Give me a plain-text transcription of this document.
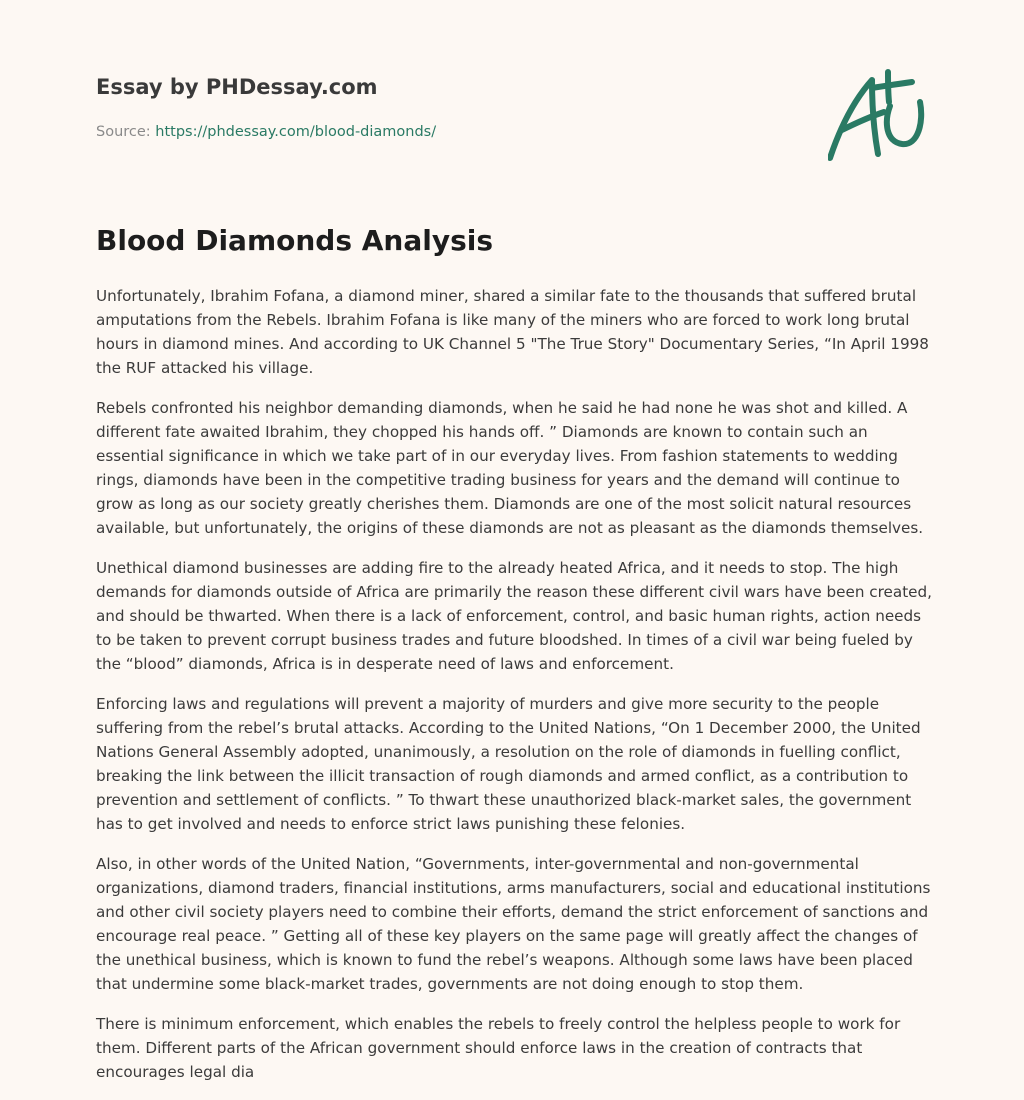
Essay by PHDessay.com
Source: https://phdessay.com/blood-diamonds/
Blood Diamonds Analysis

Unfortunately, Ibrahim Fofana, a diamond miner, shared a similar fate to the thousands that suffered brutal amputations from the Rebels. Ibrahim Fofana is like many of the miners who are forced to work long brutal hours in diamond mines. And according to UK Channel 5 "The True Story" Documentary Series, “In April 1998 the RUF attacked his village.

Rebels confronted his neighbor demanding diamonds, when he said he had none he was shot and killed. A different fate awaited Ibrahim, they chopped his hands off. ” Diamonds are known to contain such an essential significance in which we take part of in our everyday lives. From fashion statements to wedding rings, diamonds have been in the competitive trading business for years and the demand will continue to grow as long as our society greatly cherishes them. Diamonds are one of the most solicit natural resources available, but unfortunately, the origins of these diamonds are not as pleasant as the diamonds themselves.

Unethical diamond businesses are adding fire to the already heated Africa, and it needs to stop. The high demands for diamonds outside of Africa are primarily the reason these different civil wars have been created, and should be thwarted. When there is a lack of enforcement, control, and basic human rights, action needs to be taken to prevent corrupt business trades and future bloodshed. In times of a civil war being fueled by the “blood” diamonds, Africa is in desperate need of laws and enforcement.

Enforcing laws and regulations will prevent a majority of murders and give more security to the people suffering from the rebel’s brutal attacks. According to the United Nations, “On 1 December 2000, the United Nations General Assembly adopted, unanimously, a resolution on the role of diamonds in fuelling conflict, breaking the link between the illicit transaction of rough diamonds and armed conflict, as a contribution to prevention and settlement of conflicts. ” To thwart these unauthorized black-market sales, the government has to get involved and needs to enforce strict laws punishing these felonies.

Also, in other words of the United Nation, “Governments, inter-governmental and non-governmental organizations, diamond traders, financial institutions, arms manufacturers, social and educational institutions and other civil society players need to combine their efforts, demand the strict enforcement of sanctions and encourage real peace. ” Getting all of these key players on the same page will greatly affect the changes of the unethical business, which is known to fund the rebel’s weapons. Although some laws have been placed that undermine some black-market trades, governments are not doing enough to stop them.

There is minimum enforcement, which enables the rebels to freely control the helpless people to work for them. Different parts of the African government should enforce laws in the creation of contracts that encourages legal dia
